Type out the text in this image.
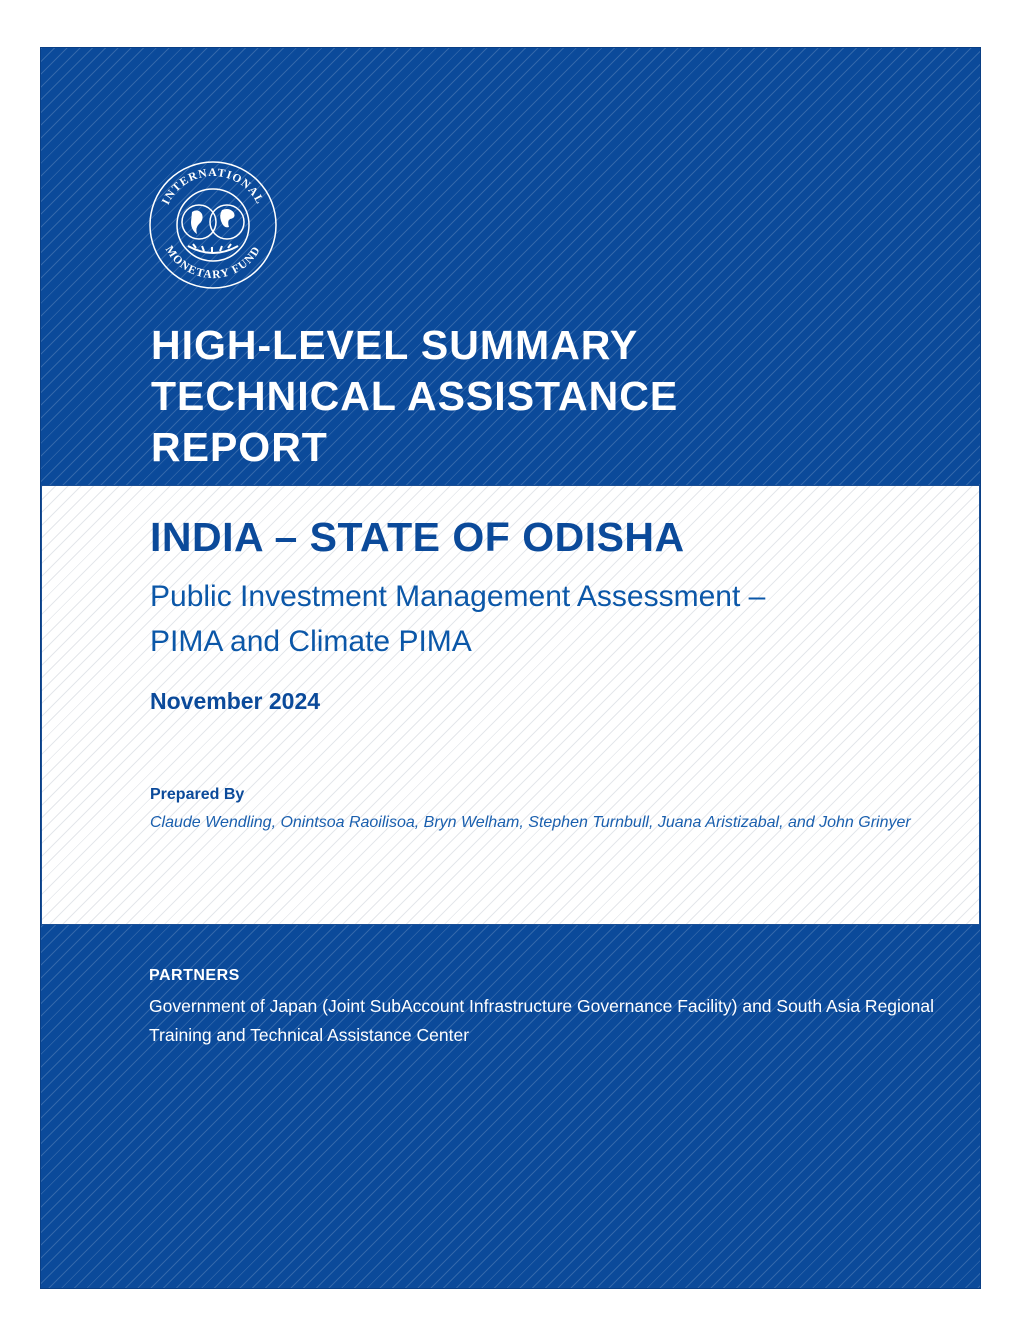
INTERNATIONAL
MONETARY FUND
HIGH-LEVEL SUMMARY
TECHNICAL ASSISTANCE
REPORT
INDIA – STATE OF ODISHA
Public Investment Management Assessment –
PIMA and Climate PIMA
November 2024
Prepared By
Claude Wendling, Onintsoa Raoilisoa, Bryn Welham, Stephen Turnbull, Juana Aristizabal, and John Grinyer
PARTNERS
Government of Japan (Joint SubAccount Infrastructure Governance Facility) and South Asia Regional Training and Technical Assistance Center
